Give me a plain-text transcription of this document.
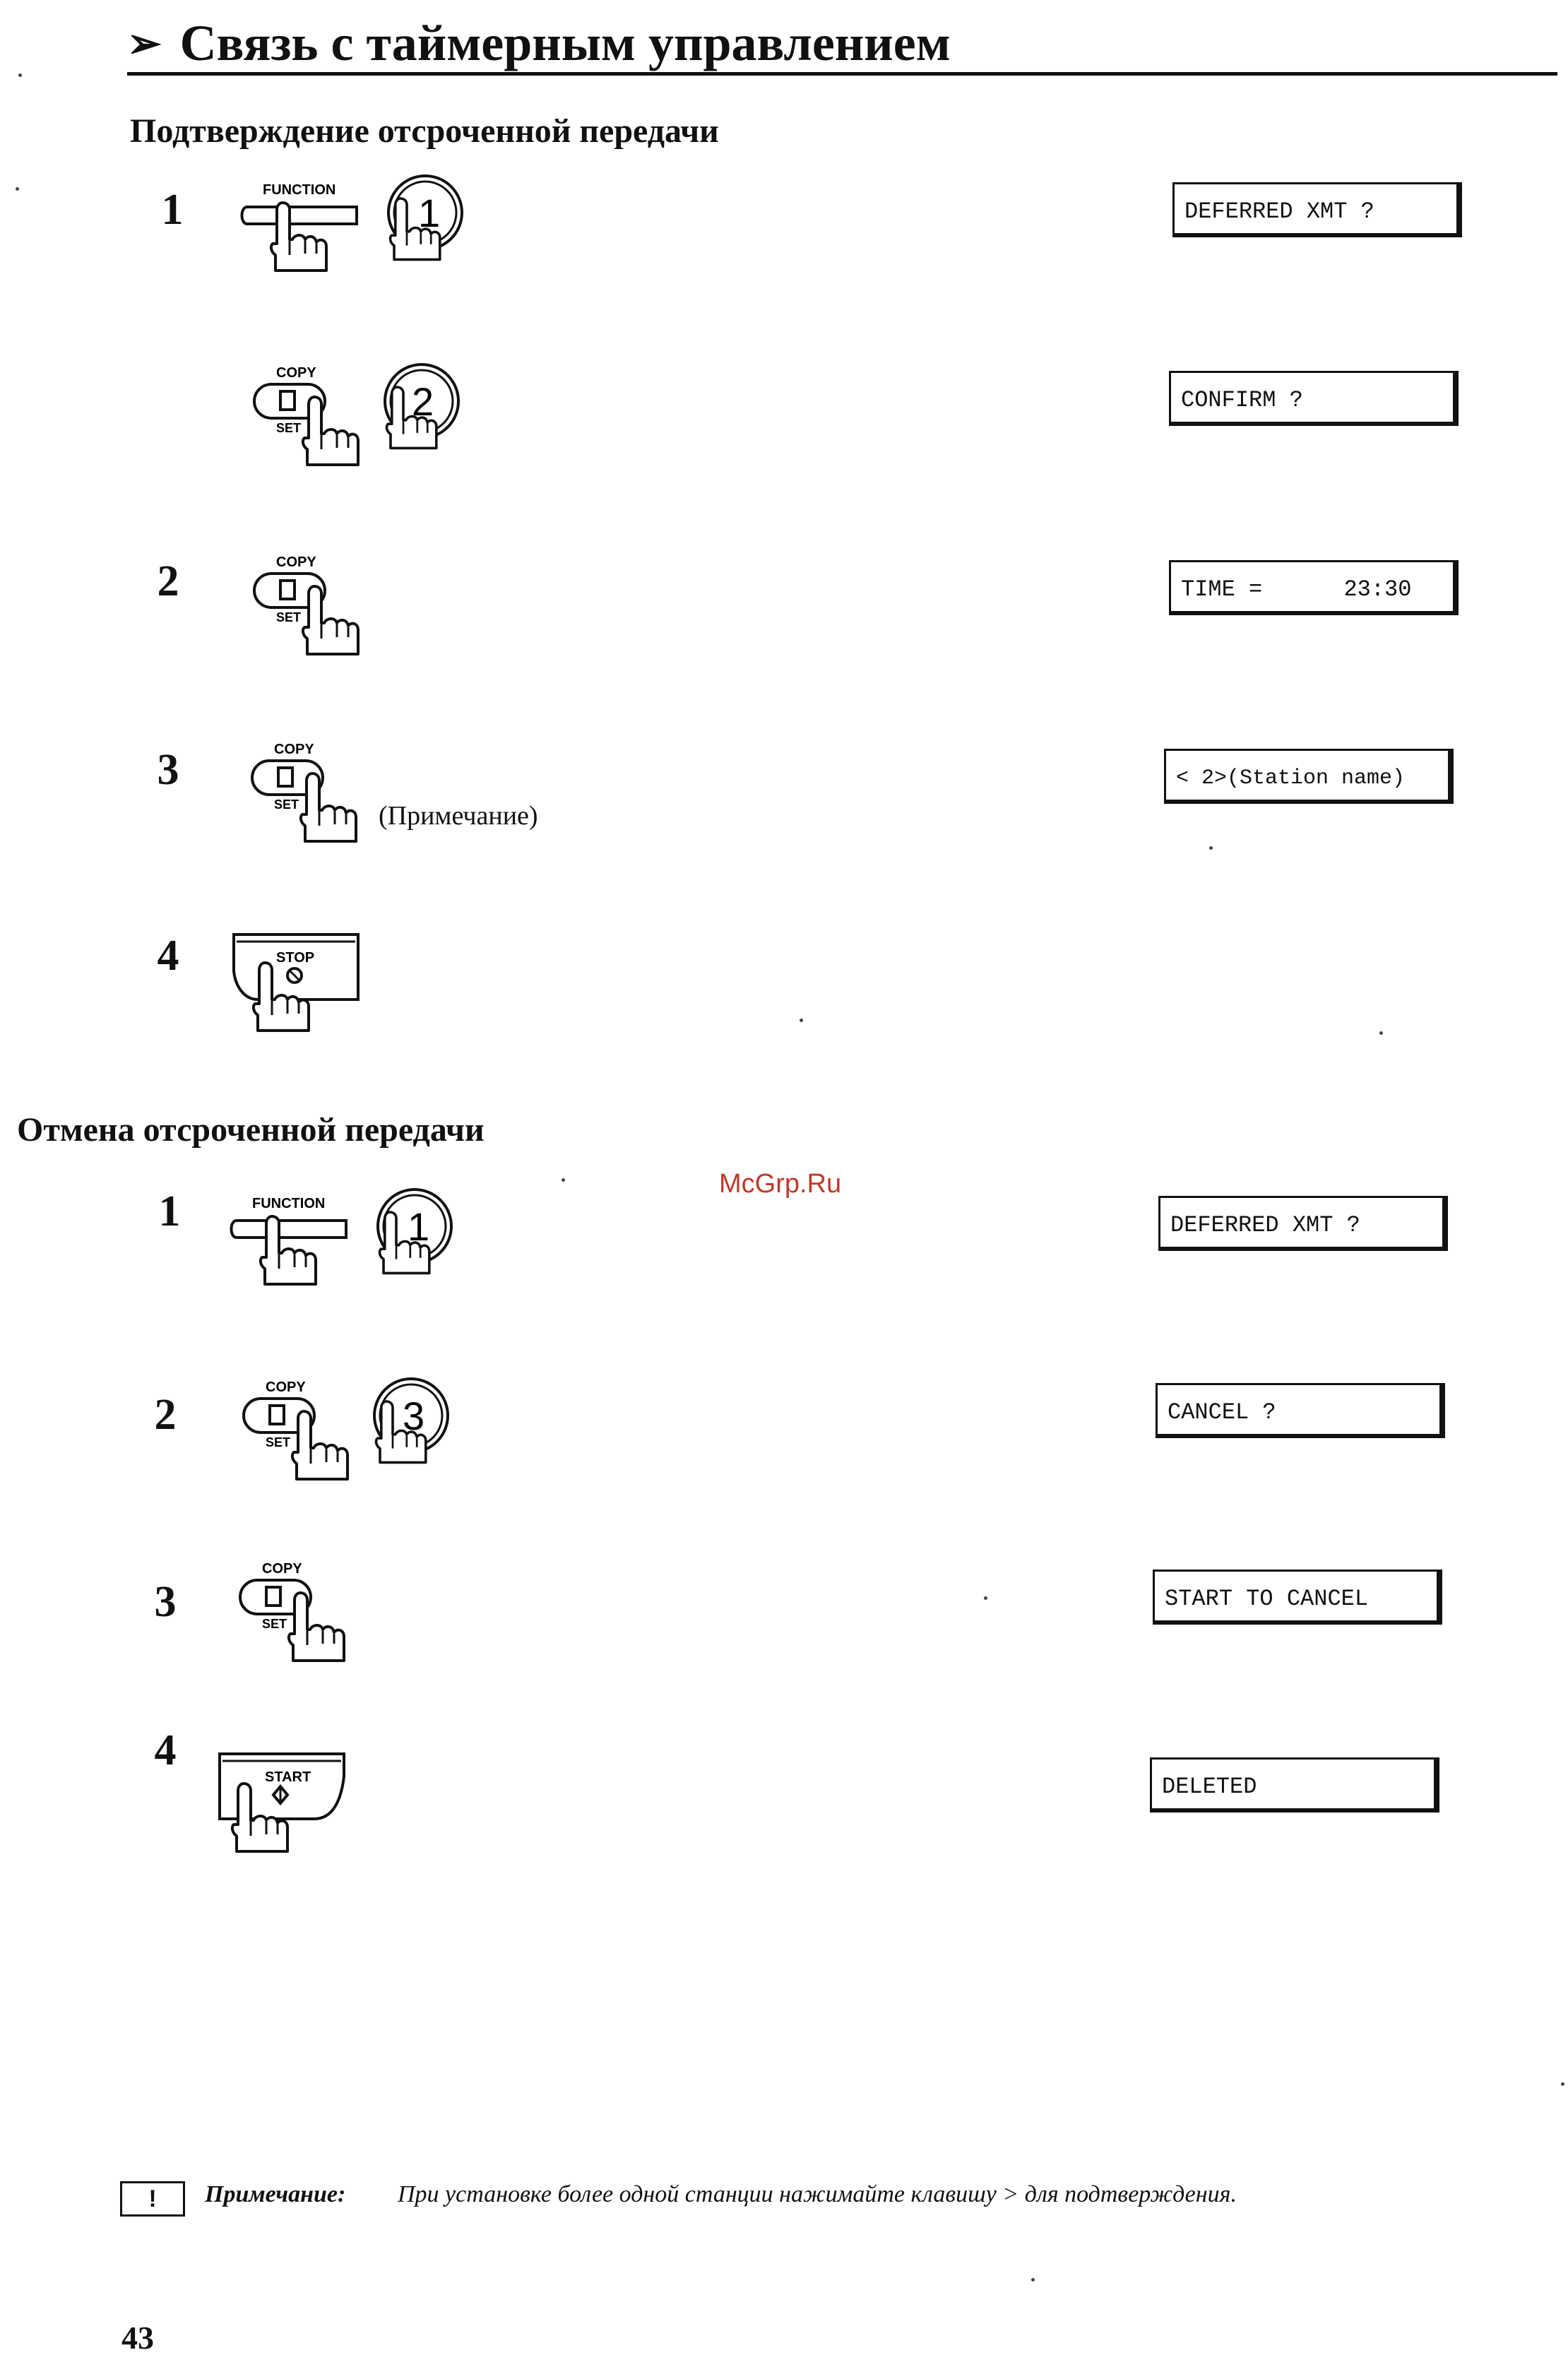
➢ Связь с таймерным управлением
Подтверждение отсроченной передачи
1	FUNCTION
1	DEFERRED XMT ?
COPY
SET
2	CONFIRM ?
2	COPY
SET
TIME =      23:30
3	COPY
SET	(Примечание)
< 2>(Station name)
4	STOP
Отмена отсроченной передачи
McGrp.Ru
1	FUNCTION
1	DEFERRED XMT ?
2
COPY
SET
3	CANCEL ?
3
COPY
SET
START TO CANCEL
4
START	DELETED
!	Примечание: При установке более одной станции нажимайте клавишу > для подтверждения.
43
